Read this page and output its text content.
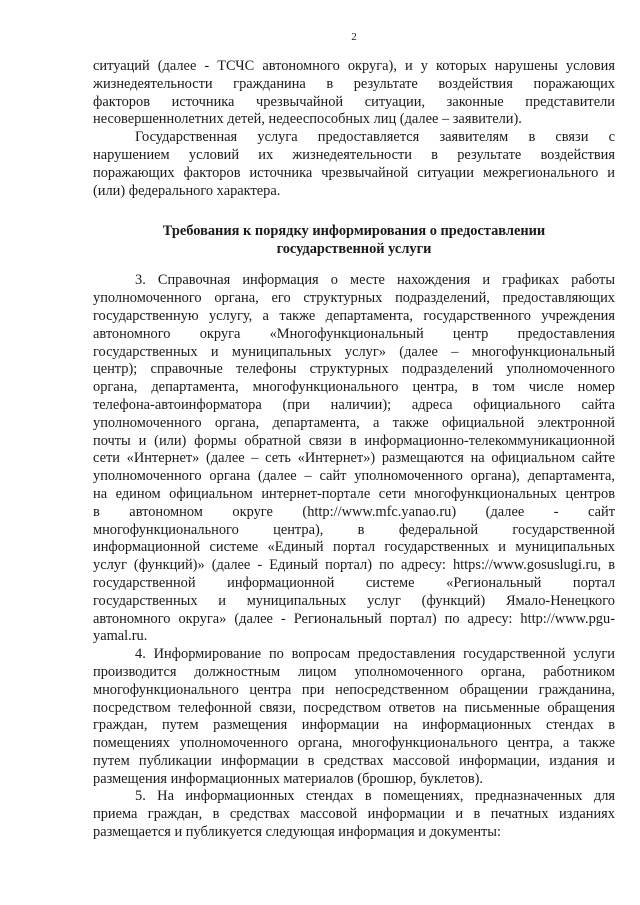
2
ситуаций (далее - ТСЧС автономного округа), и у которых нарушены условия
жизнедеятельности гражданина в результате воздействия поражающих
факторов источника чрезвычайной ситуации, законные представители
несовершеннолетних детей, недееспособных лиц (далее – заявители).
Государственная услуга предоставляется заявителям в связи с
нарушением условий их жизнедеятельности в результате воздействия
поражающих факторов источника чрезвычайной ситуации межрегионального и
(или) федерального характера.
Требования к порядку информирования о предоставлении
государственной услуги
3. Справочная информация о месте нахождения и графиках работы
уполномоченного органа, его структурных подразделений, предоставляющих
государственную услугу, а также департамента, государственного учреждения
автономного округа «Многофункциональный центр предоставления
государственных и муниципальных услуг» (далее – многофункциональный
центр); справочные телефоны структурных подразделений уполномоченного
органа, департамента, многофункционального центра, в том числе номер
телефона-автоинформатора (при наличии); адреса официального сайта
уполномоченного органа, департамента, а также официальной электронной
почты и (или) формы обратной связи в информационно-телекоммуникационной
сети «Интернет» (далее – сеть «Интернет») размещаются на официальном сайте
уполномоченного органа (далее – сайт уполномоченного органа), департамента,
на едином официальном интернет-портале сети многофункциональных центров
в автономном округе (http://www.mfc.yanao.ru) (далее - сайт
многофункционального центра), в федеральной государственной
информационной системе «Единый портал государственных и муниципальных
услуг (функций)» (далее - Единый портал) по адресу: https://www.gosuslugi.ru, в
государственной информационной системе «Региональный портал
государственных и муниципальных услуг (функций) Ямало-Ненецкого
автономного округа» (далее - Региональный портал) по адресу: http://www.pgu-
yamal.ru.
4. Информирование по вопросам предоставления государственной услуги
производится должностным лицом уполномоченного органа, работником
многофункционального центра при непосредственном обращении гражданина,
посредством телефонной связи, посредством ответов на письменные обращения
граждан, путем размещения информации на информационных стендах в
помещениях уполномоченного органа, многофункционального центра, а также
путем публикации информации в средствах массовой информации, издания и
размещения информационных материалов (брошюр, буклетов).
5. На информационных стендах в помещениях, предназначенных для
приема граждан, в средствах массовой информации и в печатных изданиях
размещается и публикуется следующая информация и документы:
